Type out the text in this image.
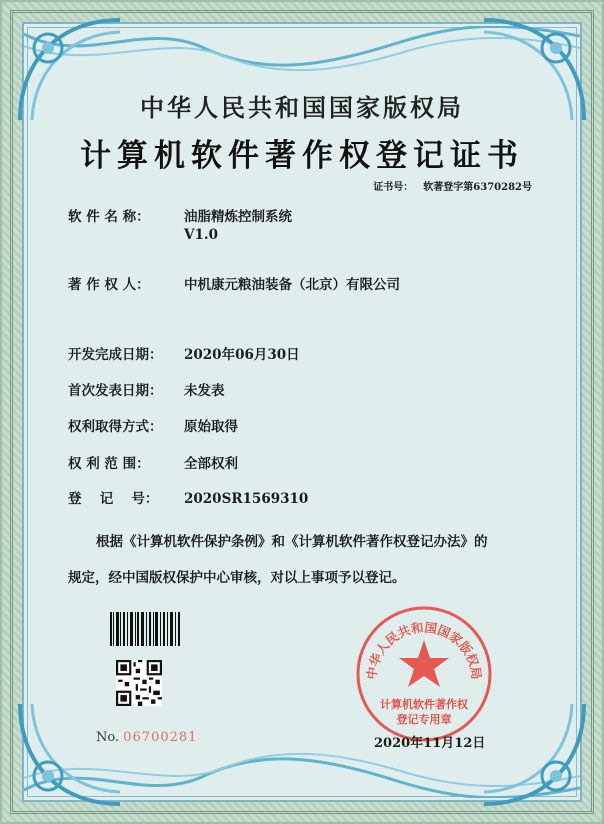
中华人民共和国国家版权局
计算机软件著作权登记证书
证书号： 软著登字第6370282号
软 件 名 称：	油脂精炼控制系统
V1.0
著 作 权 人：	中机康元粮油装备（北京）有限公司
开发完成日期： 2020年06月30日
首次发表日期： 未发表
权利取得方式： 原始取得
权 利 范 围：	全部权利
登　 记　 号： 2020SR1569310
根据《计算机软件保护条例》和《计算机软件著作权登记办法》的
规定，经中国版权保护中心审核，对以上事项予以登记。
No. 06700281
中华人民共和国国家版权局
计算机软件著作权
登记专用章
2020年11月12日
